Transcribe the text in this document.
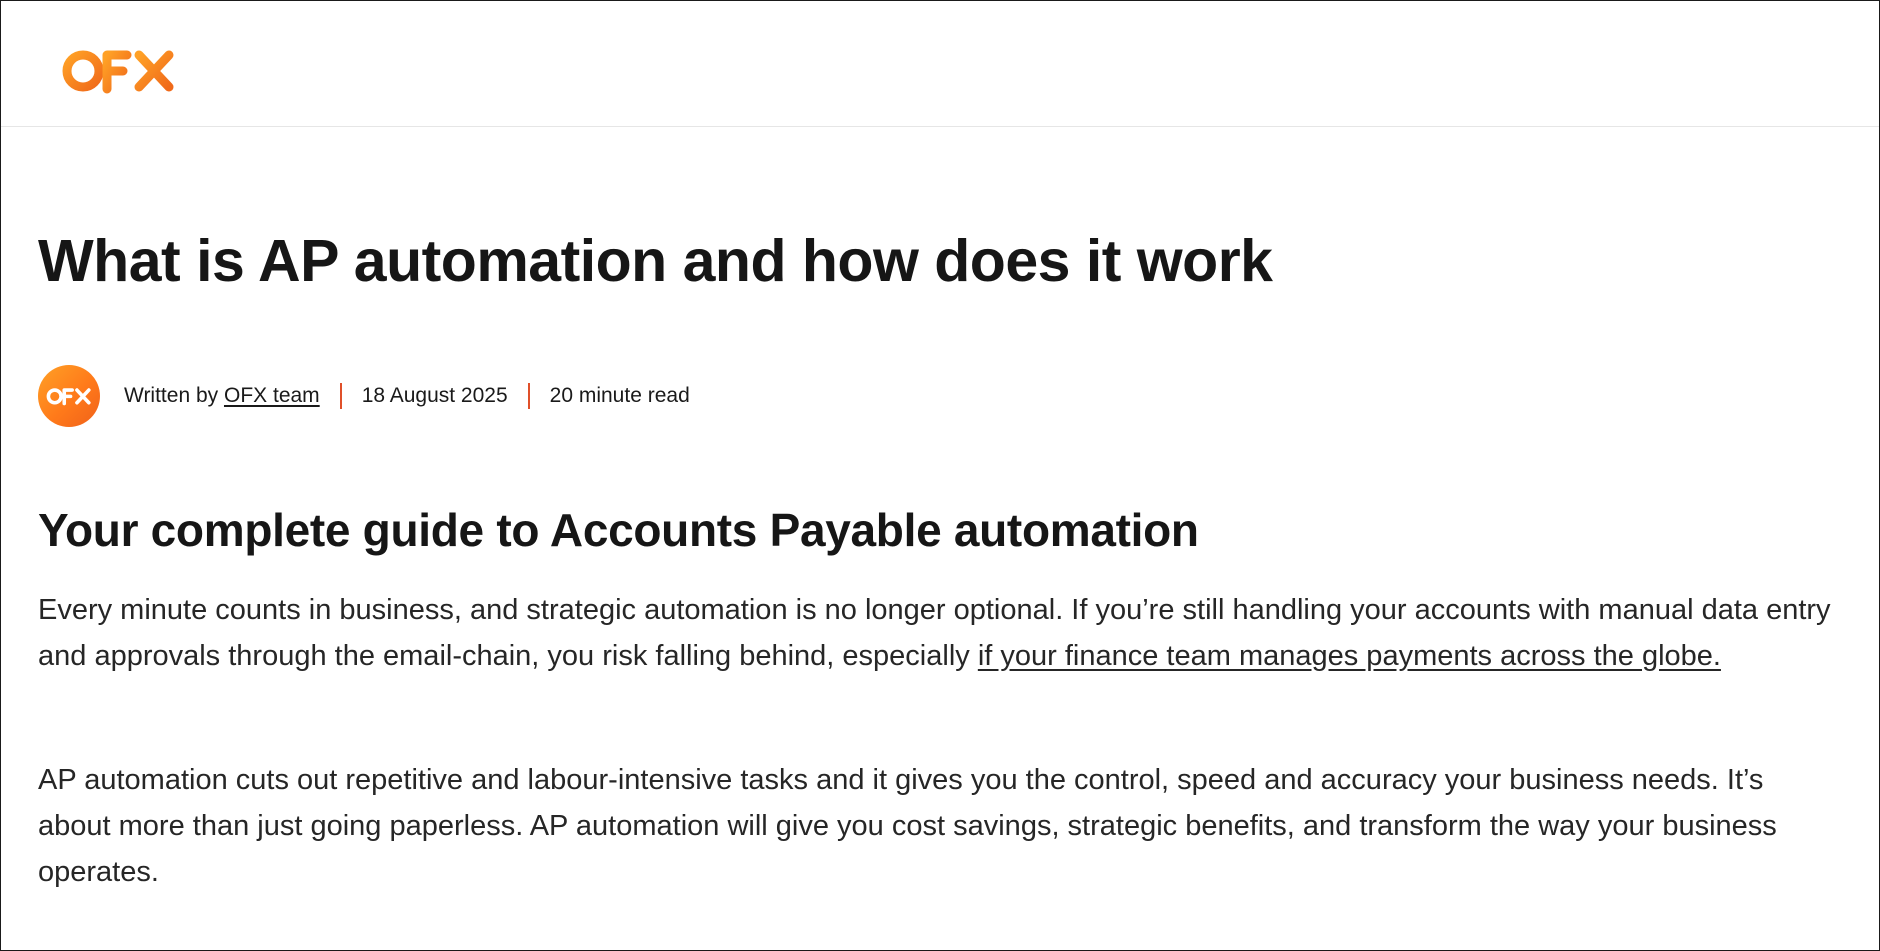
What is AP automation and how does it work
Written by OFX team 18 August 2025 20 minute read
Your complete guide to Accounts Payable automation

Every minute counts in business, and strategic automation is no longer optional. If you’re still handling your accounts with manual data entry and approvals through the email-chain, you risk falling behind, especially if your finance team manages payments across the globe.

AP automation cuts out repetitive and labour-intensive tasks and it gives you the control, speed and accuracy your business needs. It’s about more than just going paperless. AP automation will give you cost savings, strategic benefits, and transform the way your business operates.
